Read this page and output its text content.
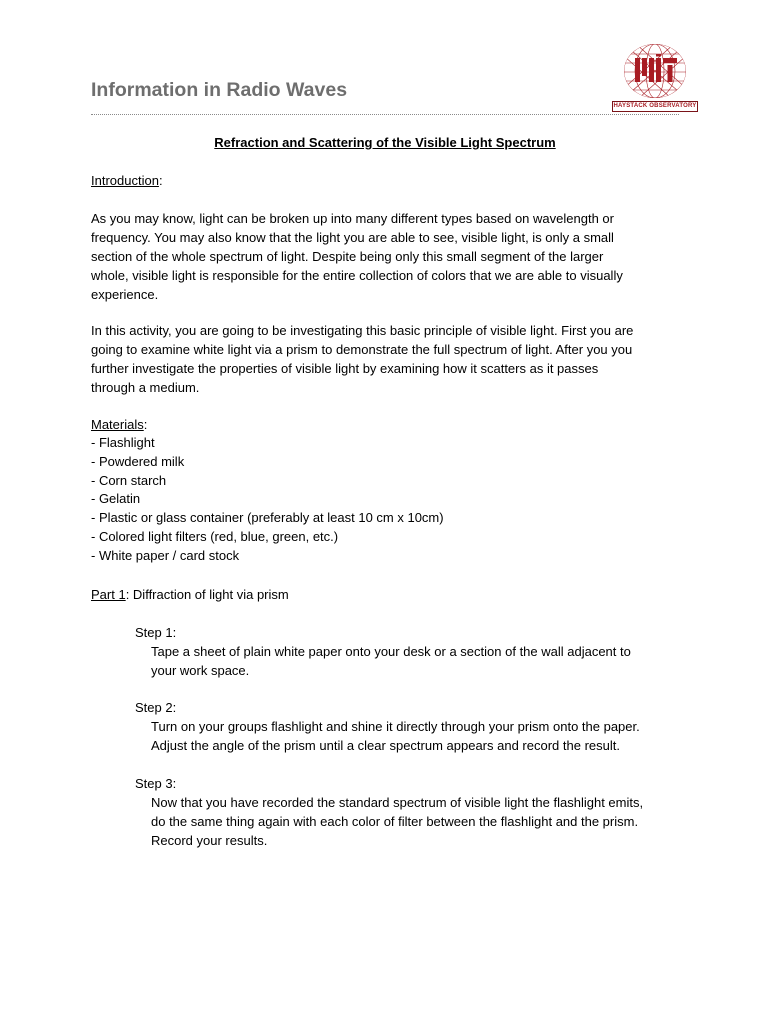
Information in Radio Waves
HAYSTACK OBSERVATORY
Refraction and Scattering of the Visible Light Spectrum

Introduction:

As you may know, light can be broken up into many different types based on wavelength or
frequency. You may also know that the light you are able to see, visible light, is only a small
section of the whole spectrum of light. Despite being only this small segment of the larger
whole, visible light is responsible for the entire collection of colors that we are able to visually
experience.

In this activity, you are going to be investigating this basic principle of visible light. First you are
going to examine white light via a prism to demonstrate the full spectrum of light. After you you
further investigate the properties of visible light by examining how it scatters as it passes
through a medium.

Materials:

- Flashlight
- Powdered milk
- Corn starch
- Gelatin
- Plastic or glass container (preferably at least 10 cm x 10cm)
- Colored light filters (red, blue, green, etc.)
- White paper / card stock

Part 1: Diffraction of light via prism

Step 1:
Tape a sheet of plain white paper onto your desk or a section of the wall adjacent to
your work space.
Step 2:
Turn on your groups flashlight and shine it directly through your prism onto the paper.
Adjust the angle of the prism until a clear spectrum appears and record the result.
Step 3:
Now that you have recorded the standard spectrum of visible light the flashlight emits,
do the same thing again with each color of filter between the flashlight and the prism.
Record your results.
